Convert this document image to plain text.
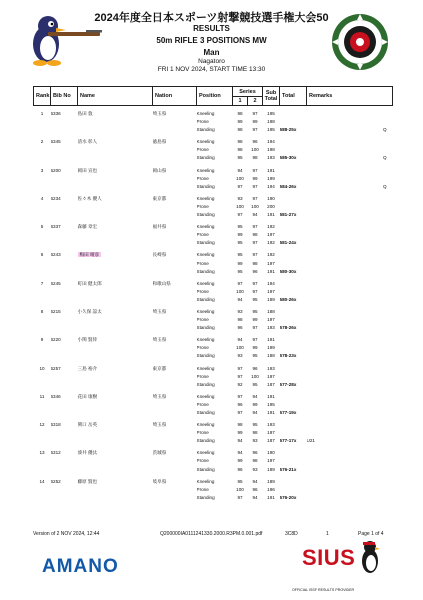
2024年度全日本スポーツ射撃競技選手権大会50
RESULTS
50m RIFLE 3 POSITIONS MW
Man
Nagatoro
FRI 1 NOV 2024, START TIME 13:30
Rank	Bib No	Name	Nation	Position	Series		Sub Total	Total	Remarks
					1	2			
1	6336	島田 敦	埼玉県	Kneeling	98	97	195		
				Prone	99	99	198		
				Standing	98	97	195	588-25x	Q
2	6345	清水 彰人	徳島県	Kneeling	98	96	194		
				Prone	98	100	198		
				Standing	95	98	193	585-30x	Q
3	6200	岡田 宣也	岡山県	Kneeling	94	97	191		
				Prone	100	99	199		
				Standing	97	97	194	584-26x	Q
4	6234	佐々木 優人	東京都	Kneeling	93	97	190		
				Prone	100	100	200		
				Standing	97	94	191	581-27x	
5	6337	森藤 章宏	福井県	Kneeling	95	97	192		
				Prone	99	98	197		
				Standing	95	97	192	581-24x	
6	6243	梅田 晴彦	長崎県	Kneeling	95	97	192		
				Prone	99	98	197		
				Standing	95	96	191	580-30x	
7	6245	町田 健太郎	和歌山県	Kneeling	97	97	194		
				Prone	100	97	197		
				Standing	94	95	189	580-26x	
8	6215	小久保 諒太	埼玉県	Kneeling	93	95	188		
				Prone	98	99	197		
				Standing	96	97	193	578-26x	
9	6220	小関 賢倖	埼玉県	Kneeling	94	97	191		
				Prone	100	99	199		
				Standing	93	95	188	578-23x	
10	6257	三島 裕介	東京都	Kneeling	97	96	193		
				Prone	97	100	197		
				Standing	92	95	187	577-28x	
11	6346	花田 康樹	埼玉県	Kneeling	97	94	191		
				Prone	96	99	195		
				Standing	97	94	191	577-19x	
12	6318	関口 岳英	埼玉県	Kneeling	98	95	193		
				Prone	99	98	197		
				Standing	94	93	187	577-17x	U21
13	6312	湊井 優汰	茨城県	Kneeling	94	96	190		
				Prone	99	98	197		
				Standing	96	93	189	576-21x	
14	6252	藤原 賢也	岐阜県	Kneeling	95	94	189		
				Prone	100	96	196		
				Standing	97	94	191	576-20x	
Version of 2 NOV 2024, 12:44	Q200000IA0111241330.2000.R3PM.0.001.pdf	3C8D	1	Page 1 of 4
AMANO	SIUS
OFFICIAL ISSF RESULTS PROVIDER
